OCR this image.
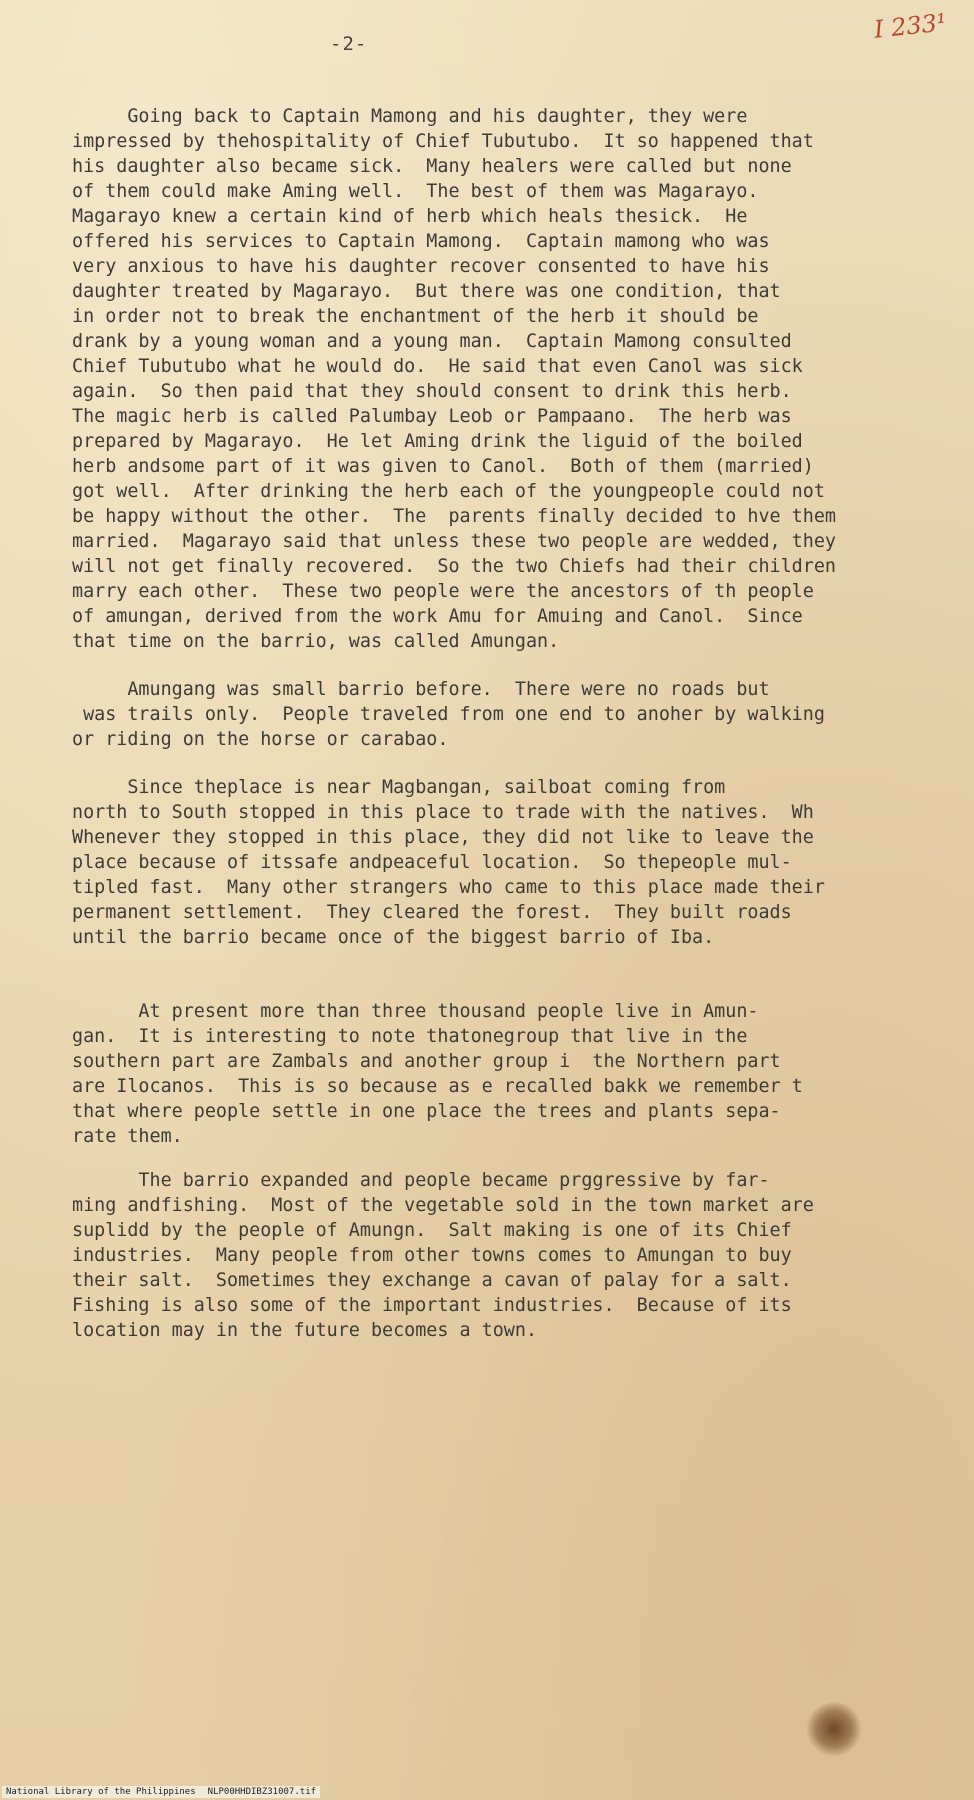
-2-
I 233¹
Going back to Captain Mamong and his daughter, they were
impressed by thehospitality of Chief Tubutubo.  It so happened that
his daughter also became sick.  Many healers were called but none
of them could make Aming well.  The best of them was Magarayo.
Magarayo knew a certain kind of herb which heals thesick.  He
offered his services to Captain Mamong.  Captain mamong who was
very anxious to have his daughter recover consented to have his
daughter treated by Magarayo.  But there was one condition, that
in order not to break the enchantment of the herb it should be
drank by a young woman and a young man.  Captain Mamong consulted
Chief Tubutubo what he would do.  He said that even Canol was sick
again.  So then paid that they should consent to drink this herb.
The magic herb is called Palumbay Leob or Pampaano.  The herb was
prepared by Magarayo.  He let Aming drink the liguid of the boiled
herb andsome part of it was given to Canol.  Both of them (married)
got well.  After drinking the herb each of the youngpeople could not
be happy without the other.  The  parents finally decided to hve them
married.  Magarayo said that unless these two people are wedded, they
will not get finally recovered.  So the two Chiefs had their children
marry each other.  These two people were the ancestors of th people
of amungan, derived from the work Amu for Amuing and Canol.  Since
that time on the barrio, was called Amungan.
Amungang was small barrio before.  There were no roads but
was trails only.  People traveled from one end to anoher by walking
or riding on the horse or carabao.
Since theplace is near Magbangan, sailboat coming from
north to South stopped in this place to trade with the natives.  Wh
Whenever they stopped in this place, they did not like to leave the
place because of itssafe andpeaceful location.  So thepeople mul-
tipled fast.  Many other strangers who came to this place made their
permanent settlement.  They cleared the forest.  They built roads
until the barrio became once of the biggest barrio of Iba.
At present more than three thousand people live in Amun-
gan.  It is interesting to note thatonegroup that live in the
southern part are Zambals and another group i  the Northern part
are Ilocanos.  This is so because as e recalled bakk we remember t
that where people settle in one place the trees and plants sepa-
rate them.
The barrio expanded and people became prggressive by far-
ming andfishing.  Most of the vegetable sold in the town market are
suplidd by the people of Amungn.  Salt making is one of its Chief
industries.  Many people from other towns comes to Amungan to buy
their salt.  Sometimes they exchange a cavan of palay for a salt.
Fishing is also some of the important industries.  Because of its
location may in the future becomes a town.
National Library of the Philippines NLP00HHDIBZ31007.tif
